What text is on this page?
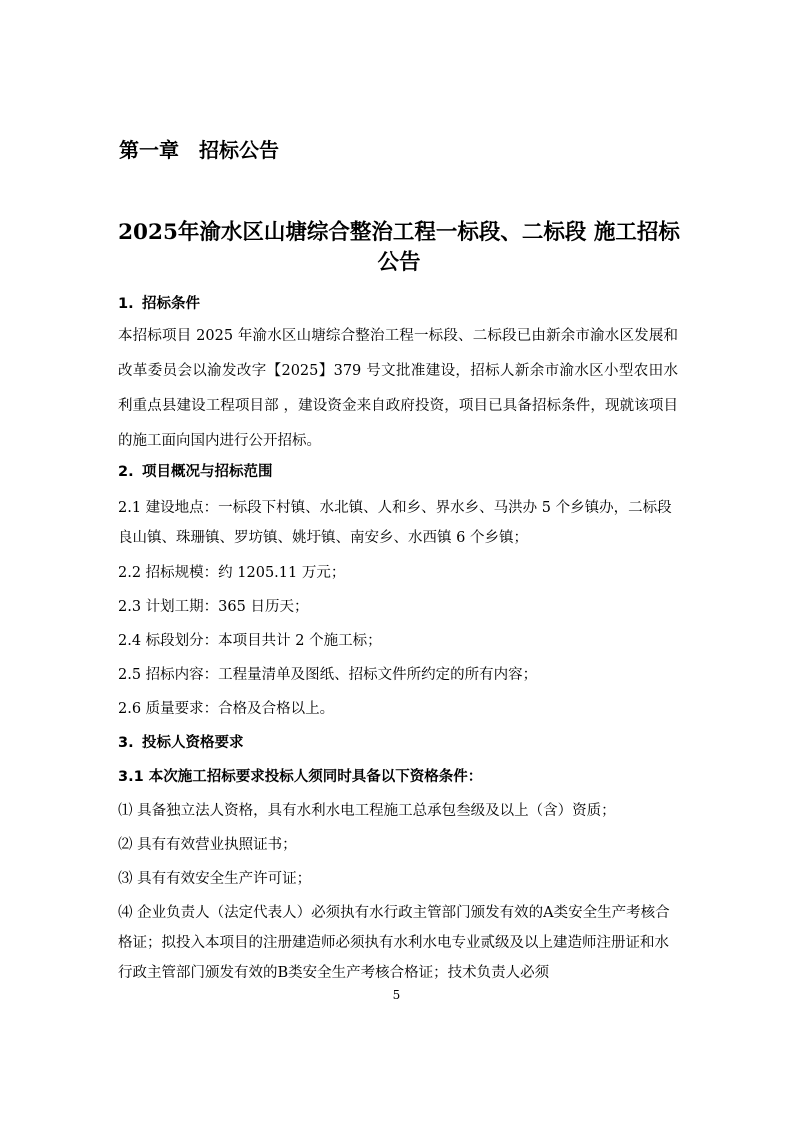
第一章　招标公告
2025年渝水区山塘综合整治工程一标段、二标段 施工招标公告

1. 招标条件

本招标项目 2025 年渝水区山塘综合整治工程一标段、二标段已由新余市渝水区发展和改革委员会以渝发改字【2025】379 号文批准建设，招标人新余市渝水区小型农田水利重点县建设工程项目部 ，建设资金来自政府投资，项目已具备招标条件，现就该项目的施工面向国内进行公开招标。

2. 项目概况与招标范围

2.1 建设地点：一标段下村镇、水北镇、人和乡、界水乡、马洪办 5 个乡镇办，二标段良山镇、珠珊镇、罗坊镇、姚圩镇、南安乡、水西镇 6 个乡镇；

2.2 招标规模：约 1205.11 万元；

2.3 计划工期：365 日历天；

2.4 标段划分：本项目共计 2 个施工标；

2.5 招标内容：工程量清单及图纸、招标文件所约定的所有内容；

2.6 质量要求：合格及合格以上。

3. 投标人资格要求

3.1 本次施工招标要求投标人须同时具备以下资格条件：

⑴ 具备独立法人资格，具有水利水电工程施工总承包叁级及以上（含）资质；

⑵ 具有有效营业执照证书；

⑶ 具有有效安全生产许可证；

⑷ 企业负责人（法定代表人）必须执有水行政主管部门颁发有效的A类安全生产考核合格证；拟投入本项目的注册建造师必须执有水利水电专业贰级及以上建造师注册证和水行政主管部门颁发有效的B类安全生产考核合格证；技术负责人必须

5
